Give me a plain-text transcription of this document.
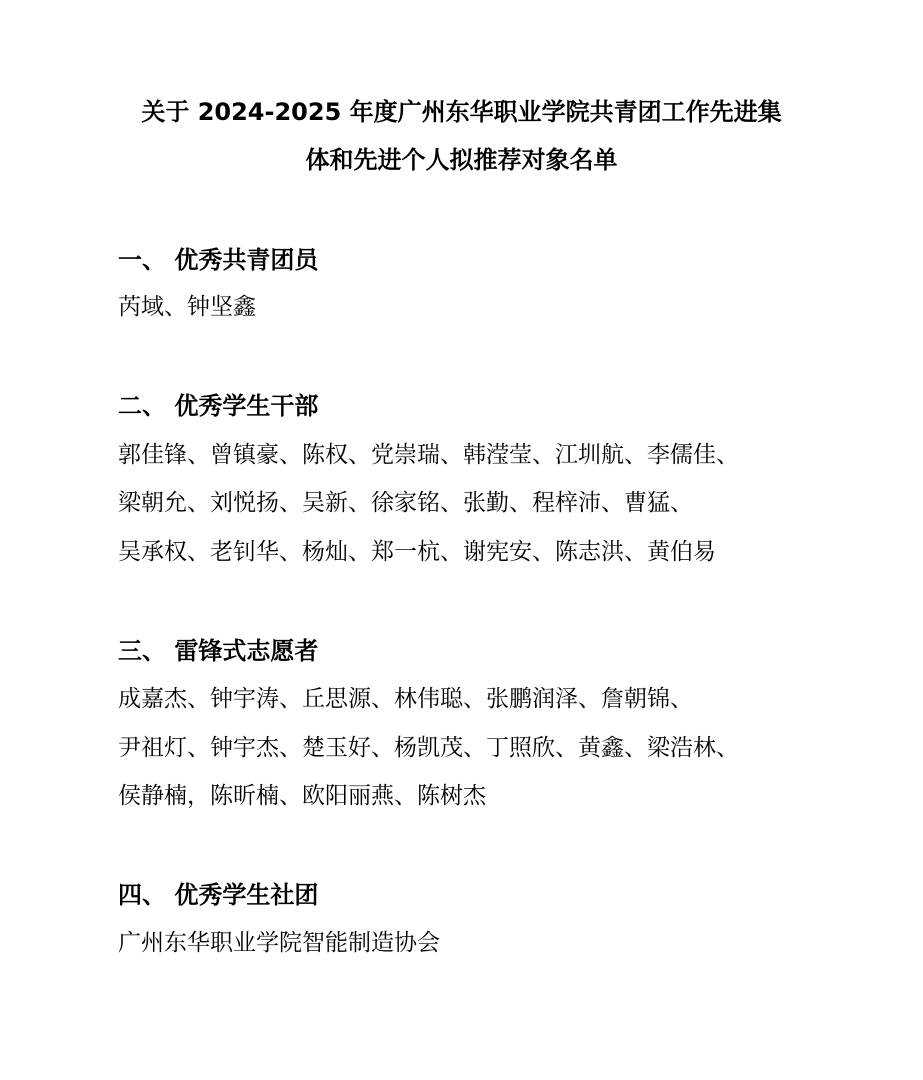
关于 2024-2025 年度广州东华职业学院共青团工作先进集
体和先进个人拟推荐对象名单
一、 优秀共青团员

芮域、钟坚鑫

二、 优秀学生干部

郭佳锋、曾镇豪、陈权、党崇瑞、韩滢莹、江圳航、李儒佳、

梁朝允、刘悦扬、吴新、徐家铭、张勤、程梓沛、曹猛、

吴承权、老钊华、杨灿、郑一杭、谢宪安、陈志洪、黄伯易

三、 雷锋式志愿者

成嘉杰、钟宇涛、丘思源、林伟聪、张鹏润泽、詹朝锦、

尹祖灯、钟宇杰、楚玉好、杨凯茂、丁照欣、黄鑫、梁浩林、

侯静楠，陈昕楠、欧阳丽燕、陈树杰

四、 优秀学生社团

广州东华职业学院智能制造协会
